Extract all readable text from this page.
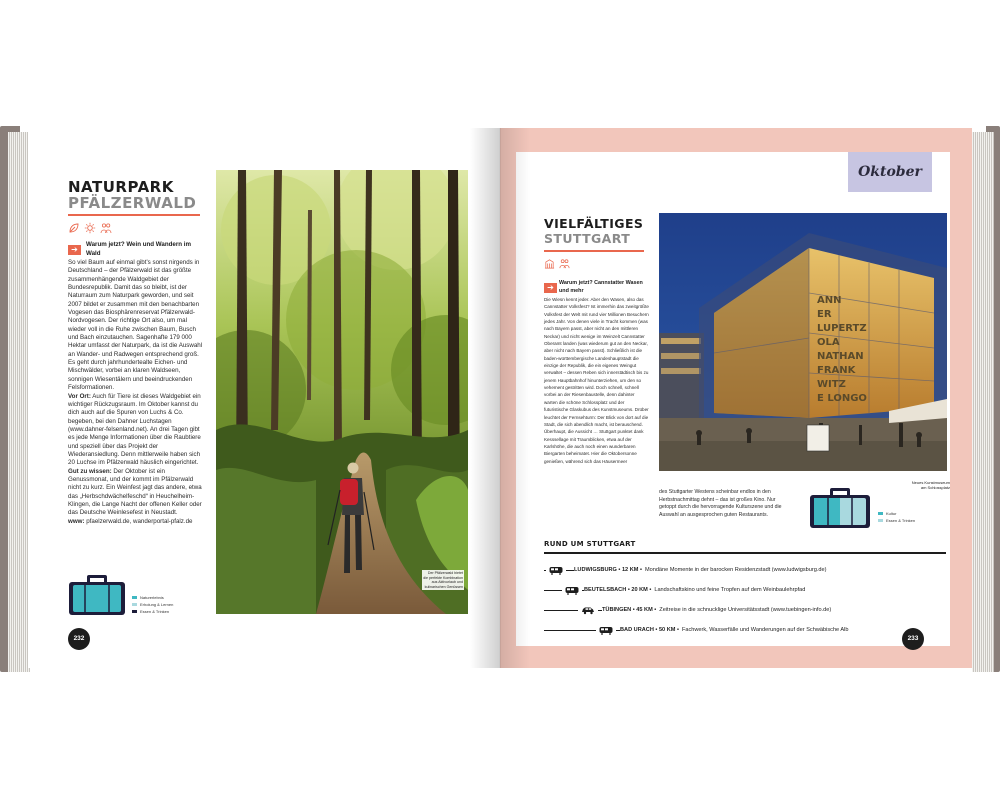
NATURPARK
PFÄLZERWALD
➔
Warum jetzt? Wein und Wandern im Wald

So viel Baum auf einmal gibt’s sonst nirgends in Deutschland – der Pfälzerwald ist das größte zusammenhängende Waldgebiet der Bundesrepublik. Damit das so bleibt, ist der Naturraum zum Naturpark geworden, und seit 2007 bildet er zusammen mit den benachbarten Vogesen das Biosphärenreservat Pfälzerwald-Nordvogesen. Der richtige Ort also, um mal wieder voll in die Ruhe zwischen Baum, Busch und Bach einzutauchen. Sagenhafte 179 000 Hektar umfasst der Naturpark, da ist die Auswahl an Wander- und Radwegen entsprechend groß. Es geht durch jahrhundertealte Eichen- und Mischwälder, vorbei an klaren Waldseen, sonnigen Wiesentälern und beeindruckenden Felsformationen.

Vor Ort: Auch für Tiere ist dieses Waldgebiet ein wichtiger Rückzugsraum. Im Oktober kannst du dich auch auf die Spuren von Luchs & Co. begeben, bei den Dahner Luchstagen (www.dahner-felsenland.net). An drei Tagen gibt es jede Menge Informationen über die Raubtiere und speziell über das Projekt der Wiederansiedlung. Denn mittlerweile haben sich 20 Luchse im Pfälzerwald häuslich eingerichtet.

Gut zu wissen: Der Oktober ist ein Genussmonat, und der kommt im Pfälzerwald nicht zu kurz. Ein Weinfest jagt das andere, etwa das „Herbschdwächelfeschd“ in Heuchelheim-Klingen, die Lange Nacht der offenen Keller oder das Deutsche Weinlesefest in Neustadt.

www: pfaelzerwald.de, wanderportal-pfalz.de

Der Pfälzerwald bietet die perfekte Kombination aus Aktivurlaub und kulinarischen Genüssen
Naturerlebnis
Erholung & Lernen
Essen & Trinken
232
Oktober
VIELFÄLTIGES
STUTTGART
➔ Warum jetzt? Cannstatter Wasen und mehr
Die Wiesn kennt jeder. Aber den Wasen, also das Cannstatter Volksfest? Ist immerhin das zweitgrößte Volksfest der Welt mit rund vier Millionen Besuchern jedes Jahr. Von denen viele in Tracht kommen (was nach Bayern passt, aber nicht an den mittleren Neckar) und nicht wenige im Weinzelt Cannstatter Oberamt landen (was wiederum gut an den Neckar, aber nicht nach Bayern passt). Schließlich ist die baden-württembergische Landeshauptstadt die einzige der Republik, die ein eigenes Weingut verwaltet – dessen Reben sich innerstädtisch bis zu jenem Hauptbahnhof hinunterziehen, um den so vehement gestritten wird. Doch schnell, schnell vorbei an der Riesenbaustelle, denn dahinter warten die schöne Schlossplatz und der futuristische Glaskubus des Kunstmuseums. Drüber leuchtet der Fernsehturm: Der Blick von dort auf die Stadt, die sich abendlich macht, ist berauschend. Überhaupt, die Aussicht … Stuttgart punktet dank Kesssellage mit Traumblicken, etwa auf der Karlshöhe, die auch noch einen wunderbaren Biergarten beheimatet. Hier die Oktobersonne genießen, während sich das Häusermeer
ANN
ER
LUPERTZ
OLA
NATHAN
FRANK
WITZ
E LONGO
Neues Kunstmuseum am Schlossplatz
des Stuttgarter Westens scheinbar endlos in den Herbstnachmittag dehnt – das ist großes Kino. Nur getoppt durch die hervorragende Kulturszene und die Auswahl an ausgesprochen guten Restaurants.	Kultur
Essen & Trinken
RUND UM STUTTGART
LUDWIGSBURG • 12 KM • Mondäne Momente in der barocken Residenzstadt (www.ludwigsburg.de)
BEUTELSBACH • 20 KM • Landschaftskino und feine Tropfen auf dem Weinbaulehrpfad
TÜBINGEN • 45 KM • Zeitreise in die schnucklige Universitätsstadt (www.tuebingen-info.de)
BAD URACH • 50 KM • Fachwerk, Wasserfälle und Wanderungen auf der Schwäbische Alb
233
